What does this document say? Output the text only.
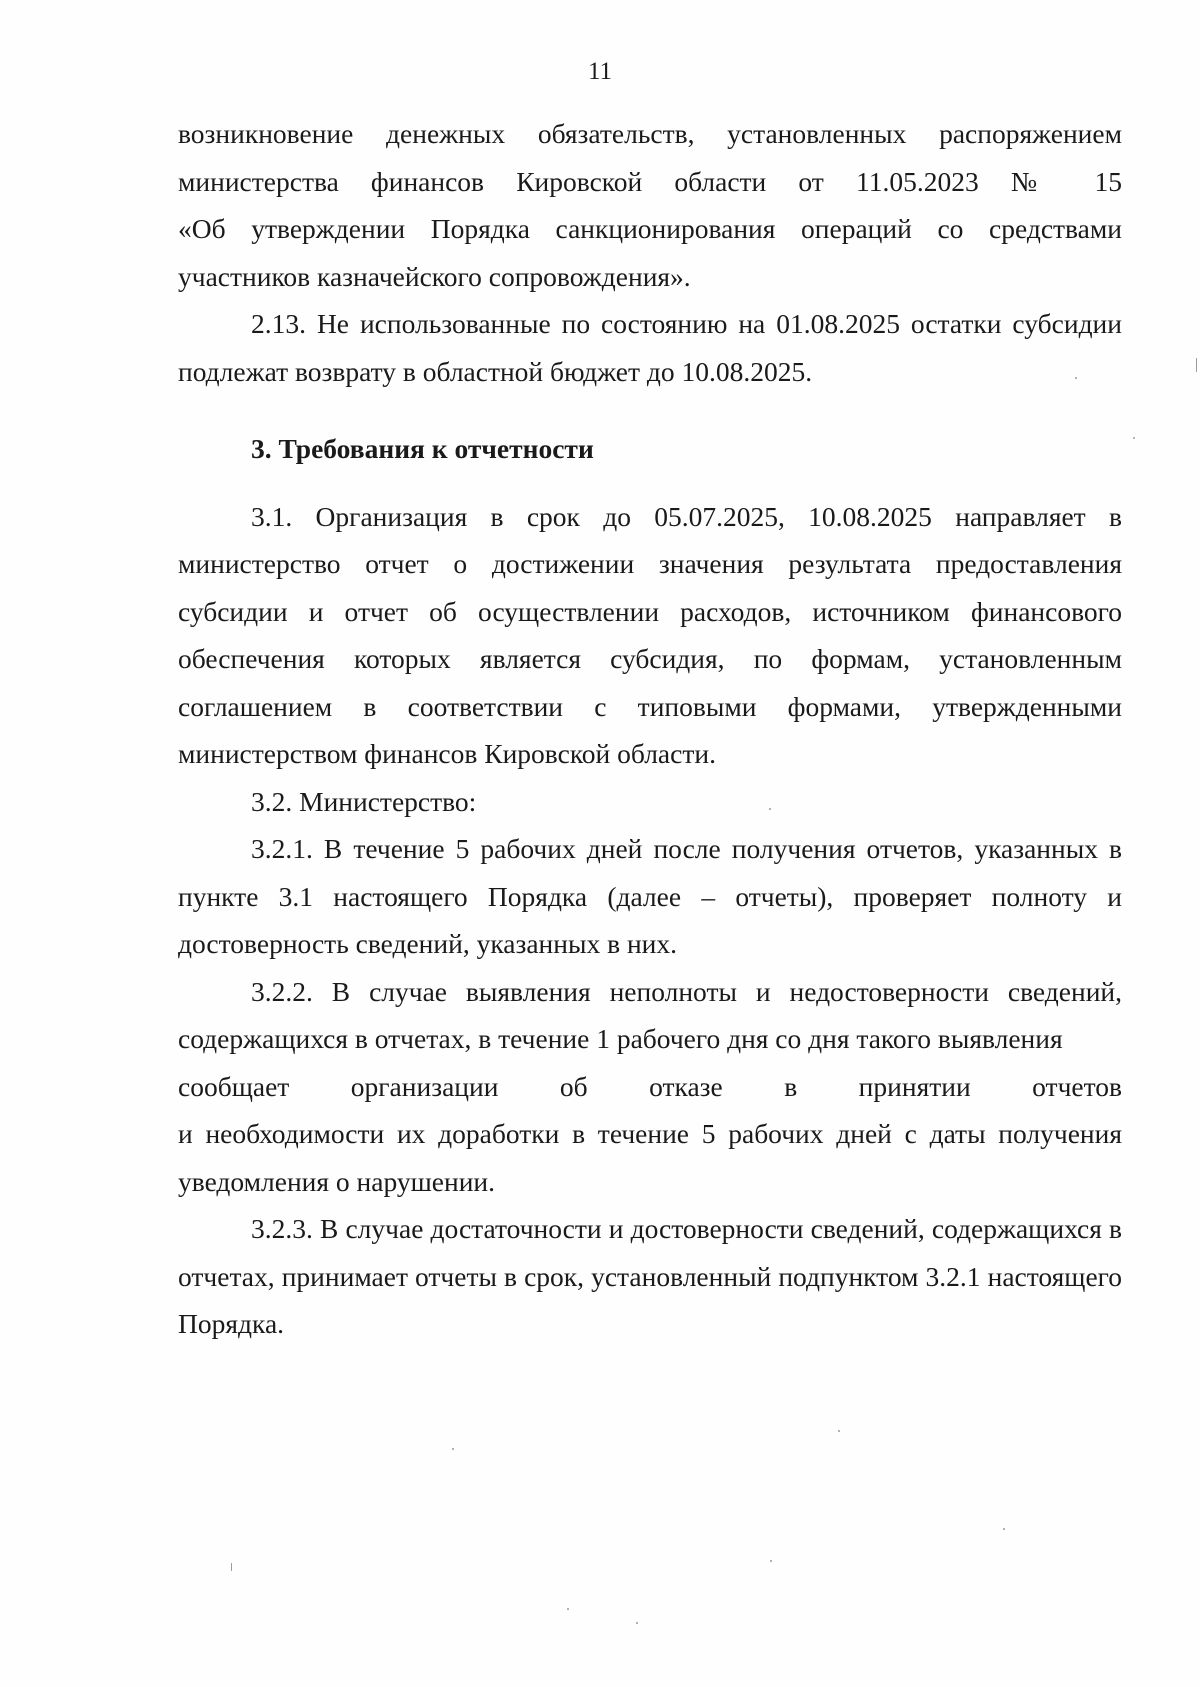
11
возникновение денежных обязательств, установленных распоряжением
министерства финансов Кировской области от 11.05.2023 № 15
«Об утверждении Порядка санкционирования операций со средствами участников казначейского сопровождения».

2.13. Не использованные по состоянию на 01.08.2025 остатки субсидии подлежат возврату в областной бюджет до 10.08.2025.

3. Требования к отчетности

3.1. Организация в срок до 05.07.2025, 10.08.2025 направляет в министерство отчет о достижении значения результата предоставления субсидии и отчет об осуществлении расходов, источником финансового обеспечения которых является субсидия, по формам, установленным соглашением в соответствии с типовыми формами, утвержденными министерством финансов Кировской области.

3.2. Министерство:

3.2.1. В течение 5 рабочих дней после получения отчетов, указанных в пункте 3.1 настоящего Порядка (далее – отчеты), проверяет полноту и достоверность сведений, указанных в них.

3.2.2. В случае выявления неполноты и недостоверности сведений, содержащихся в отчетах, в течение 1 рабочего дня со дня такого выявления
сообщает организации об отказе в принятии отчетов
и необходимости их доработки в течение 5 рабочих дней с даты получения уведомления о нарушении.

3.2.3. В случае достаточности и достоверности сведений, содержащихся в отчетах, принимает отчеты в срок, установленный подпунктом 3.2.1 настоящего Порядка.
